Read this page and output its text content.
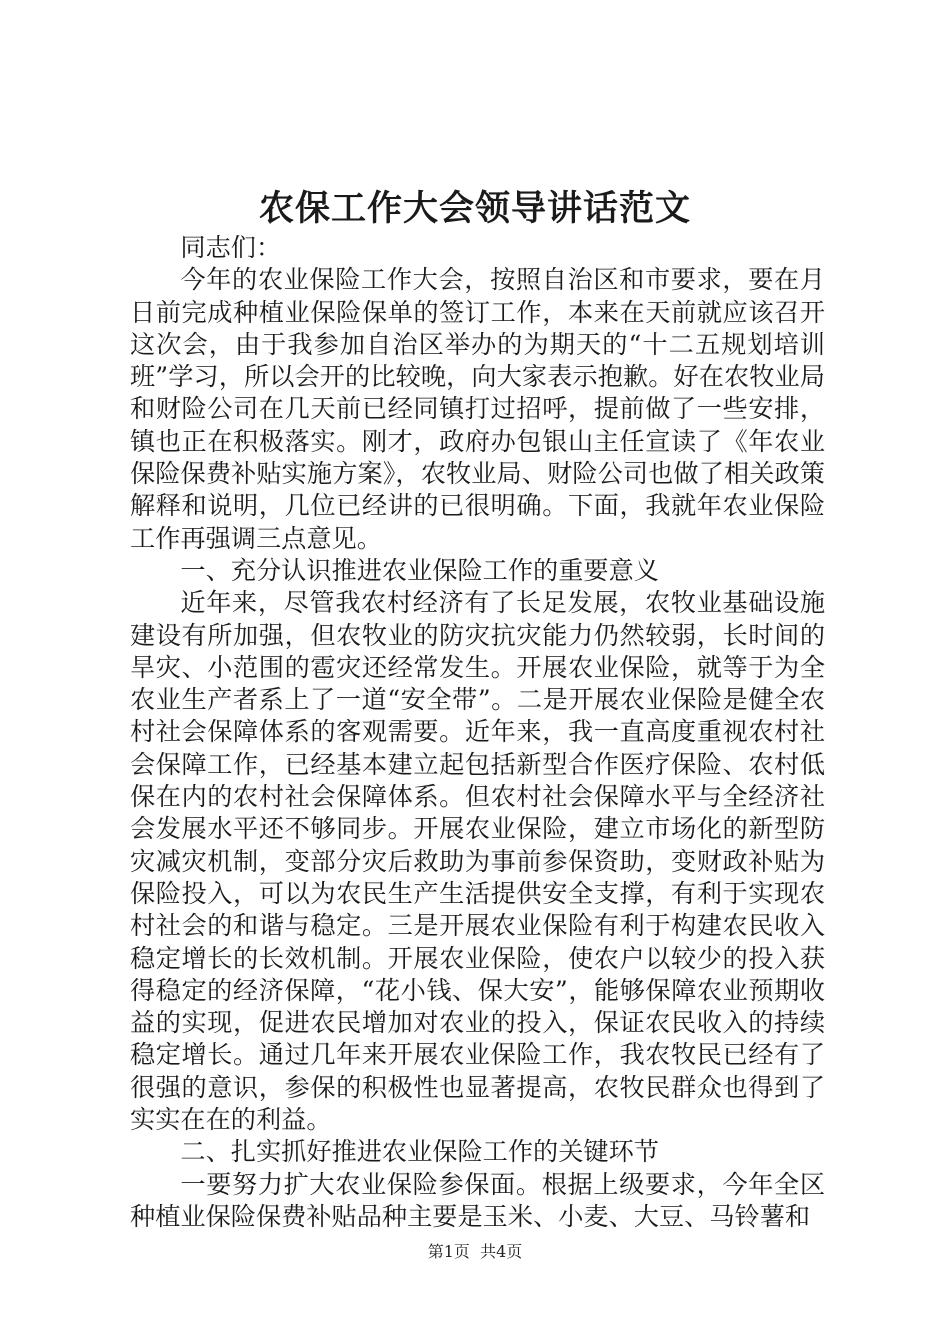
农保工作大会领导讲话范文

同志们：

今年的农业保险工作大会，按照自治区和市要求，要在月日前完成种植业保险保单的签订工作，本来在天前就应该召开这次会，由于我参加自治区举办的为期天的“十二五规划培训班”学习，所以会开的比较晚，向大家表示抱歉。好在农牧业局和财险公司在几天前已经同镇打过招呼，提前做了一些安排，镇也正在积极落实。刚才，政府办包银山主任宣读了《年农业保险保费补贴实施方案》，农牧业局、财险公司也做了相关政策解释和说明，几位已经讲的已很明确。下面，我就年农业保险工作再强调三点意见。

一、充分认识推进农业保险工作的重要意义

近年来，尽管我农村经济有了长足发展，农牧业基础设施建设有所加强，但农牧业的防灾抗灾能力仍然较弱，长时间的旱灾、小范围的雹灾还经常发生。开展农业保险，就等于为全农业生产者系上了一道“安全带”。二是开展农业保险是健全农村社会保障体系的客观需要。近年来，我一直高度重视农村社会保障工作，已经基本建立起包括新型合作医疗保险、农村低保在内的农村社会保障体系。但农村社会保障水平与全经济社会发展水平还不够同步。开展农业保险，建立市场化的新型防灾减灾机制，变部分灾后救助为事前参保资助，变财政补贴为保险投入，可以为农民生产生活提供安全支撑，有利于实现农村社会的和谐与稳定。三是开展农业保险有利于构建农民收入稳定增长的长效机制。开展农业保险，使农户以较少的投入获得稳定的经济保障，“花小钱、保大安”，能够保障农业预期收益的实现，促进农民增加对农业的投入，保证农民收入的持续稳定增长。通过几年来开展农业保险工作，我农牧民已经有了很强的意识，参保的积极性也显著提高，农牧民群众也得到了实实在在的利益。

二、扎实抓好推进农业保险工作的关键环节

一要努力扩大农业保险参保面。根据上级要求，今年全区种植业保险保费补贴品种主要是玉米、小麦、大豆、马铃薯和

第1页 共4页
